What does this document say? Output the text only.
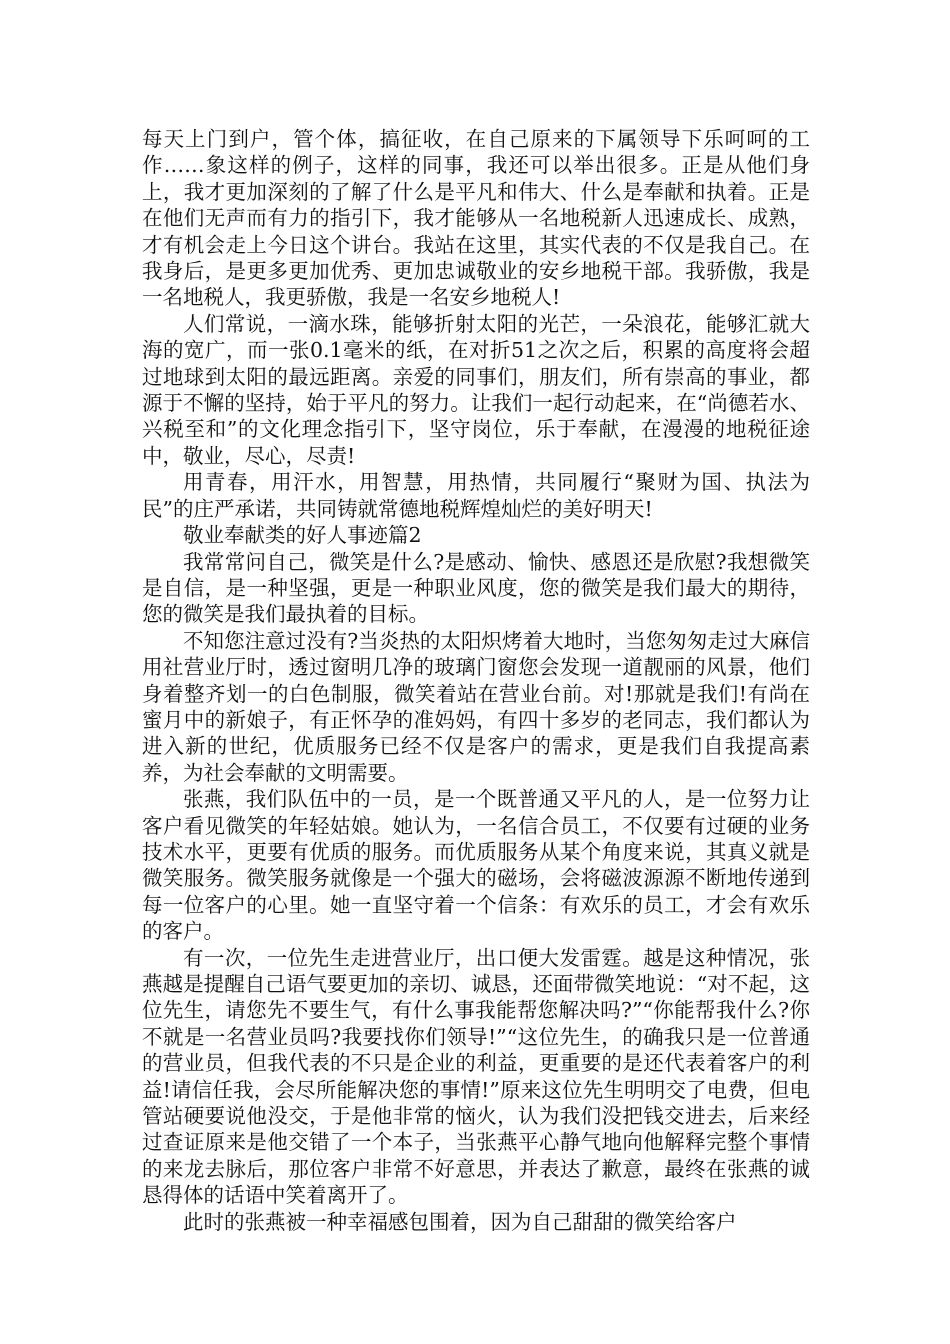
每天上门到户，管个体，搞征收，在自己原来的下属领导下乐呵呵的工作……象这样的例子，这样的同事，我还可以举出很多。正是从他们身上，我才更加深刻的了解了什么是平凡和伟大、什么是奉献和执着。正是在他们无声而有力的指引下，我才能够从一名地税新人迅速成长、成熟，才有机会走上今日这个讲台。我站在这里，其实代表的不仅是我自己。在我身后，是更多更加优秀、更加忠诚敬业的安乡地税干部。我骄傲，我是一名地税人，我更骄傲，我是一名安乡地税人!

人们常说，一滴水珠，能够折射太阳的光芒，一朵浪花，能够汇就大海的宽广，而一张0.1毫米的纸，在对折51之次之后，积累的高度将会超过地球到太阳的最远距离。亲爱的同事们，朋友们，所有崇高的事业，都源于不懈的坚持，始于平凡的努力。让我们一起行动起来，在“尚德若水、兴税至和”的文化理念指引下，坚守岗位，乐于奉献，在漫漫的地税征途中，敬业，尽心，尽责!

用青春，用汗水，用智慧，用热情，共同履行“聚财为国、执法为民”的庄严承诺，共同铸就常德地税辉煌灿烂的美好明天!

敬业奉献类的好人事迹篇2

我常常问自己，微笑是什么?是感动、愉快、感恩还是欣慰?我想微笑是自信，是一种坚强，更是一种职业风度，您的微笑是我们最大的期待，您的微笑是我们最执着的目标。

不知您注意过没有?当炎热的太阳炽烤着大地时，当您匆匆走过大麻信用社营业厅时，透过窗明几净的玻璃门窗您会发现一道靓丽的风景，他们身着整齐划一的白色制服，微笑着站在营业台前。对!那就是我们!有尚在蜜月中的新娘子，有正怀孕的准妈妈，有四十多岁的老同志，我们都认为进入新的世纪，优质服务已经不仅是客户的需求，更是我们自我提高素养，为社会奉献的文明需要。

张燕，我们队伍中的一员，是一个既普通又平凡的人，是一位努力让客户看见微笑的年轻姑娘。她认为，一名信合员工，不仅要有过硬的业务技术水平，更要有优质的服务。而优质服务从某个角度来说，其真义就是微笑服务。微笑服务就像是一个强大的磁场，会将磁波源源不断地传递到每一位客户的心里。她一直坚守着一个信条：有欢乐的员工，才会有欢乐的客户。

有一次，一位先生走进营业厅，出口便大发雷霆。越是这种情况，张燕越是提醒自己语气要更加的亲切、诚恳，还面带微笑地说：“对不起，这位先生，请您先不要生气，有什么事我能帮您解决吗?”“你能帮我什么?你不就是一名营业员吗?我要找你们领导!”“这位先生，的确我只是一位普通的营业员，但我代表的不只是企业的利益，更重要的是还代表着客户的利益!请信任我，会尽所能解决您的事情!”原来这位先生明明交了电费，但电管站硬要说他没交，于是他非常的恼火，认为我们没把钱交进去，后来经过查证原来是他交错了一个本子，当张燕平心静气地向他解释完整个事情的来龙去脉后，那位客户非常不好意思，并表达了歉意，最终在张燕的诚恳得体的话语中笑着离开了。

此时的张燕被一种幸福感包围着，因为自己甜甜的微笑给客户
